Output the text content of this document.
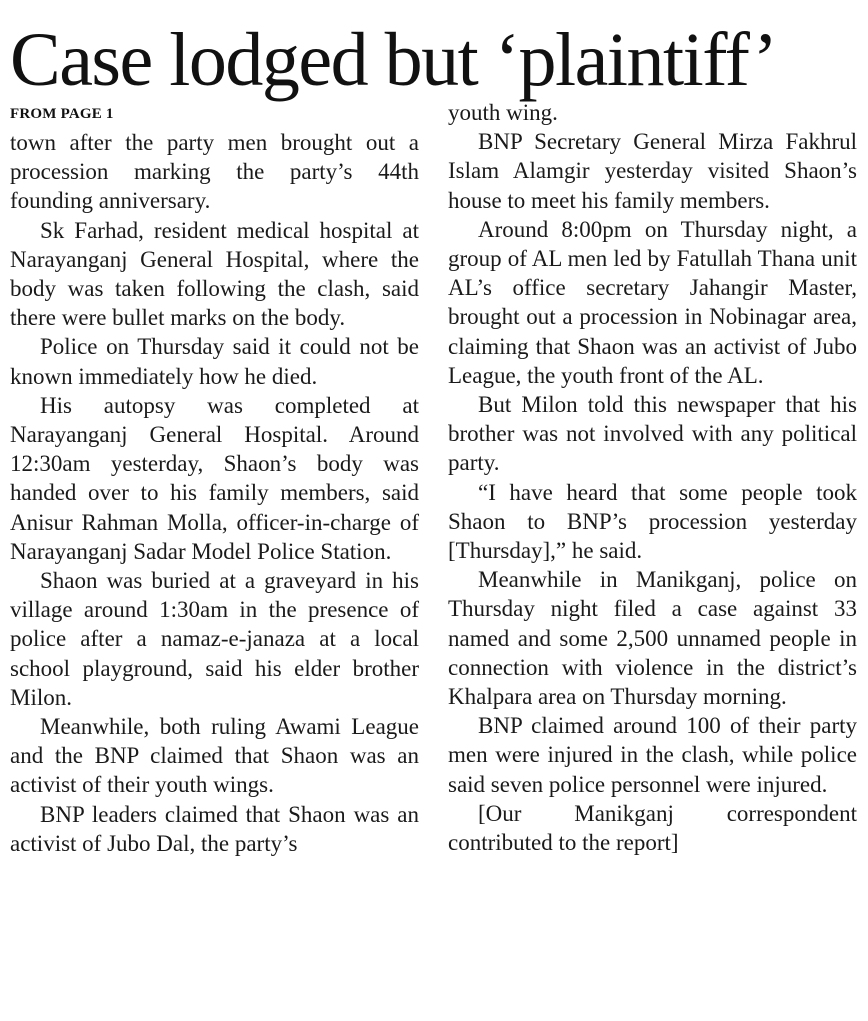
Case lodged but ‘plaintiff’
FROM PAGE 1

town after the party men brought out a procession marking the party’s 44th founding anniversary.

Sk Farhad, resident medical hospital at Narayanganj General Hospital, where the body was taken following the clash, said there were bullet marks on the body.

Police on Thursday said it could not be known immediately how he died.

His autopsy was completed at Narayanganj General Hospital. Around 12:30am yesterday, Shaon’s body was handed over to his family members, said Anisur Rahman Molla, officer-in-charge of Narayanganj Sadar Model Police Station.

Shaon was buried at a graveyard in his village around 1:30am in the presence of police after a namaz-e-janaza at a local school playground, said his elder brother Milon.

Meanwhile, both ruling Awami League and the BNP claimed that Shaon was an activist of their youth wings.

BNP leaders claimed that Shaon was an activist of Jubo Dal, the party’s

youth wing.

BNP Secretary General Mirza Fakhrul Islam Alamgir yesterday visited Shaon’s house to meet his family members.

Around 8:00pm on Thursday night, a group of AL men led by Fatullah Thana unit AL’s office secretary Jahangir Master, brought out a procession in Nobinagar area, claiming that Shaon was an activist of Jubo League, the youth front of the AL.

But Milon told this newspaper that his brother was not involved with any political party.

“I have heard that some people took Shaon to BNP’s procession yesterday [Thursday],” he said.

Meanwhile in Manikganj, police on Thursday night filed a case against 33 named and some 2,500 unnamed people in connection with violence in the district’s Khalpara area on Thursday morning.

BNP claimed around 100 of their party men were injured in the clash, while police said seven police personnel were injured.

[Our Manikganj correspondent contributed to the report]
